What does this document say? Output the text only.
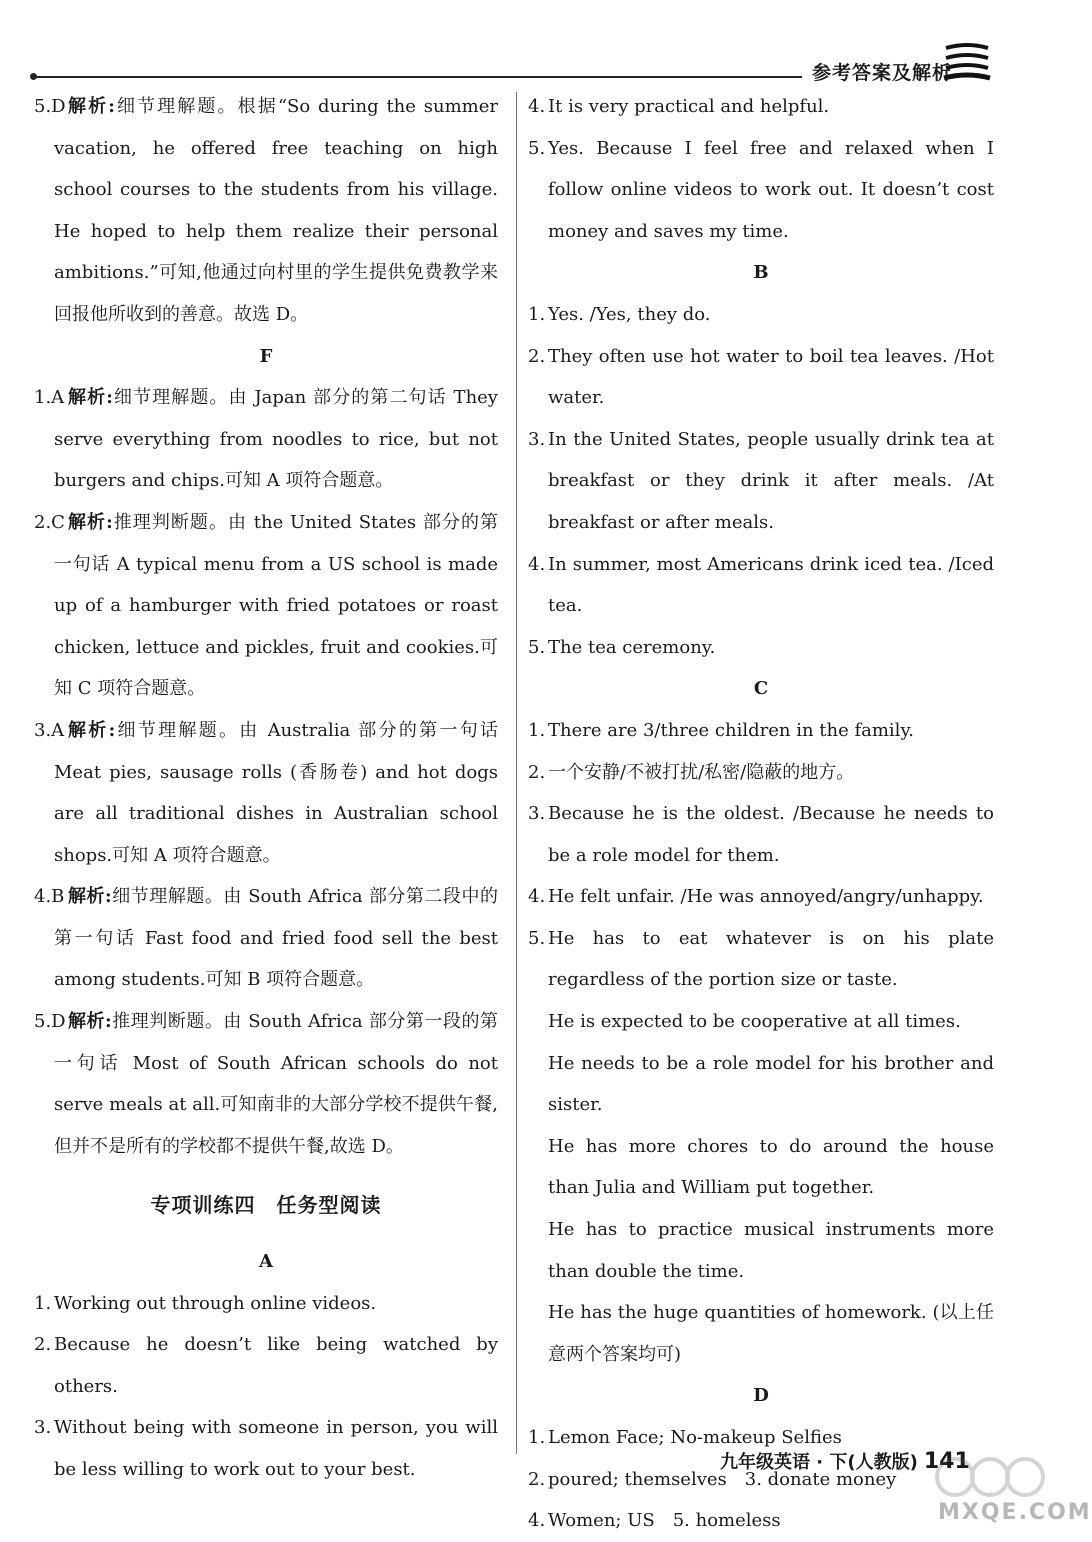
参考答案及解析
5.D 解析:细节理解题。根据“So during the summer vacation, he offered free teaching on high school courses to the students from his village. He hoped to help them realize their personal ambitions.”可知,他通过向村里的学生提供免费教学来回报他所收到的善意。故选 D。
F
1.A 解析:细节理解题。由 Japan 部分的第二句话 They serve everything from noodles to rice, but not burgers and chips.可知 A 项符合题意。
2.C 解析:推理判断题。由 the United States 部分的第一句话 A typical menu from a US school is made up of a hamburger with fried potatoes or roast chicken, lettuce and pickles, fruit and cookies.可知 C 项符合题意。
3.A 解析:细节理解题。由 Australia 部分的第一句话 Meat pies, sausage rolls (香肠卷) and hot dogs are all traditional dishes in Australian school shops.可知 A 项符合题意。
4.B 解析:细节理解题。由 South Africa 部分第二段中的第一句话 Fast food and fried food sell the best among students.可知 B 项符合题意。
5.D 解析:推理判断题。由 South Africa 部分第一段的第一句话 Most of South African schools do not serve meals at all.可知南非的大部分学校不提供午餐,但并不是所有的学校都不提供午餐,故选 D。
专项训练四　任务型阅读
A
1. Working out through online videos.
2. Because he doesn’t like being watched by others.
3. Without being with someone in person, you will be less willing to work out to your best.
4. It is very practical and helpful.
5. Yes. Because I feel free and relaxed when I follow online videos to work out. It doesn’t cost money and saves my time.
B
1. Yes. /Yes, they do.
2. They often use hot water to boil tea leaves. /Hot water.
3. In the United States, people usually drink tea at breakfast or they drink it after meals. /At breakfast or after meals.
4. In summer, most Americans drink iced tea. /Iced tea.
5. The tea ceremony.
C
1. There are 3/three children in the family.
2. 一个安静/不被打扰/私密/隐蔽的地方。
3. Because he is the oldest. /Because he needs to be a role model for them.
4. He felt unfair. /He was annoyed/angry/unhappy.
5. He has to eat whatever is on his plate regardless of the portion size or taste.
He is expected to be cooperative at all times.
He needs to be a role model for his brother and sister.
He has more chores to do around the house than Julia and William put together.
He has to practice musical instruments more than double the time.
He has the huge quantities of homework. (以上任意两个答案均可)
D
1. Lemon Face; No-makeup Selfies
2. poured; themselves　3. donate money
4. Women; US　5. homeless
九年级英语 · 下(人教版) 141
MXQE.COM
